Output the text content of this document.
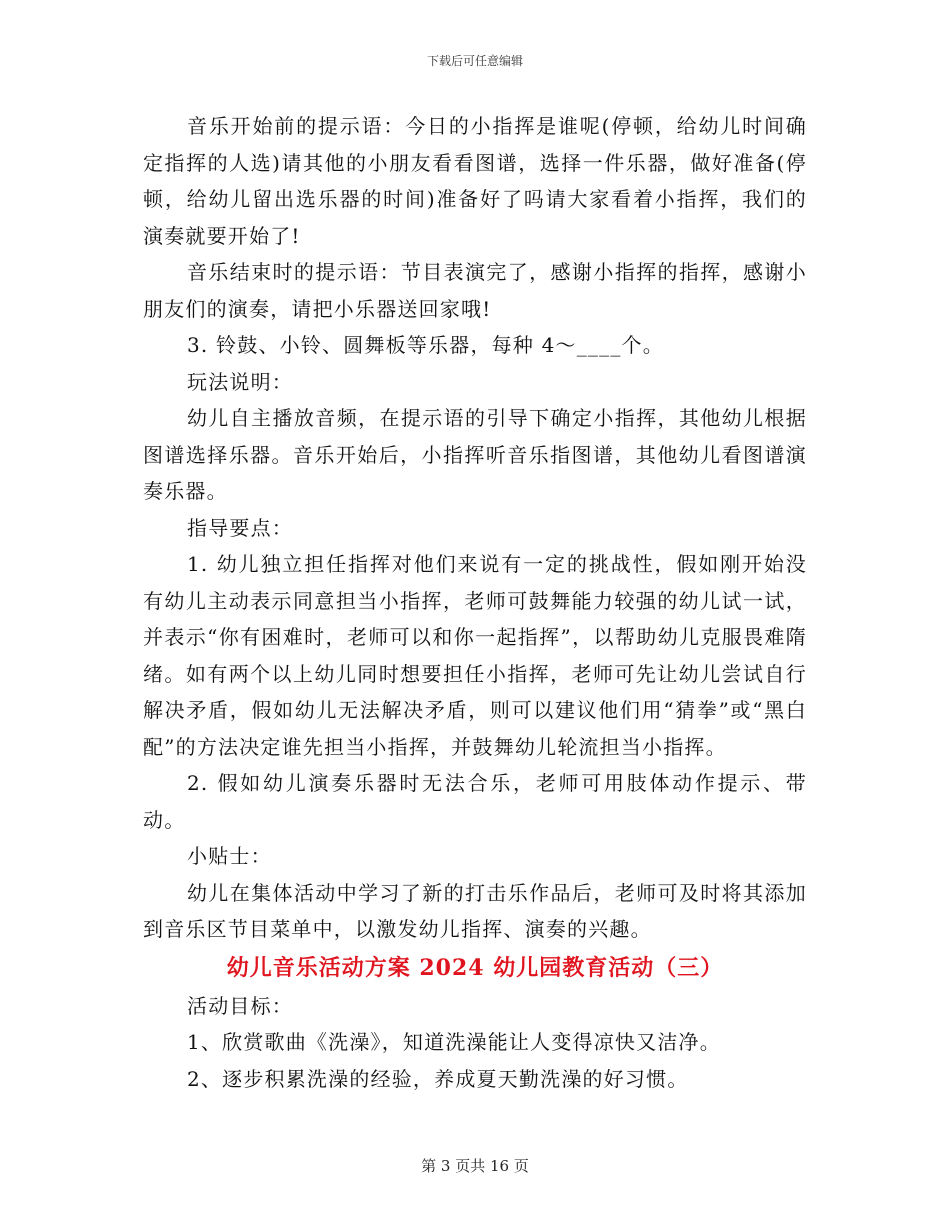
下载后可任意编辑

音乐开始前的提示语：今日的小指挥是谁呢(停顿，给幼儿时间确定指挥的人选)请其他的小朋友看看图谱，选择一件乐器，做好准备(停顿，给幼儿留出选乐器的时间)准备好了吗请大家看着小指挥，我们的演奏就要开始了!

音乐结束时的提示语：节目表演完了，感谢小指挥的指挥，感谢小朋友们的演奏，请把小乐器送回家哦!

3. 铃鼓、小铃、圆舞板等乐器，每种 4～____个。

玩法说明：

幼儿自主播放音频，在提示语的引导下确定小指挥，其他幼儿根据图谱选择乐器。音乐开始后，小指挥听音乐指图谱，其他幼儿看图谱演奏乐器。

指导要点：

1. 幼儿独立担任指挥对他们来说有一定的挑战性，假如刚开始没有幼儿主动表示同意担当小指挥，老师可鼓舞能力较强的幼儿试一试，并表示“你有困难时，老师可以和你一起指挥”，以帮助幼儿克服畏难隋绪。如有两个以上幼儿同时想要担任小指挥，老师可先让幼儿尝试自行解决矛盾，假如幼儿无法解决矛盾，则可以建议他们用“猜拳”或“黑白配”的方法决定谁先担当小指挥，并鼓舞幼儿轮流担当小指挥。

2. 假如幼儿演奏乐器时无法合乐，老师可用肢体动作提示、带动。

小贴士：

幼儿在集体活动中学习了新的打击乐作品后，老师可及时将其添加到音乐区节目菜单中，以激发幼儿指挥、演奏的兴趣。

幼儿音乐活动方案 2024 幼儿园教育活动（三）

活动目标：

1、欣赏歌曲《洗澡》，知道洗澡能让人变得凉快又洁净。

2、逐步积累洗澡的经验，养成夏天勤洗澡的好习惯。

第 3 页共 16 页
